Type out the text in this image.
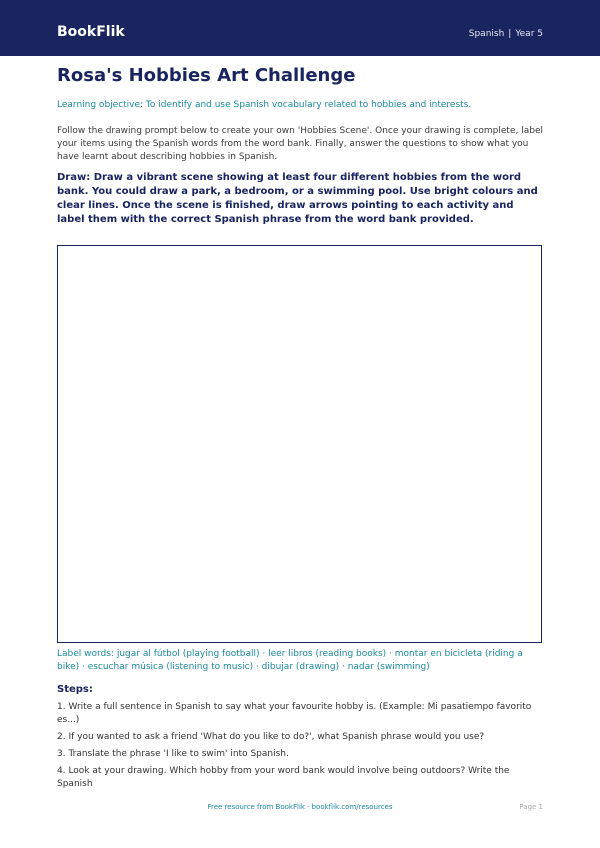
BookFlik	Spanish | Year 5
Rosa's Hobbies Art Challenge
Learning objective: To identify and use Spanish vocabulary related to hobbies and interests.
Follow the drawing prompt below to create your own 'Hobbies Scene'. Once your drawing is complete, label your items using the Spanish words from the word bank. Finally, answer the questions to show what you have learnt about describing hobbies in Spanish.
Draw: Draw a vibrant scene showing at least four different hobbies from the word bank. You could draw a park, a bedroom, or a swimming pool. Use bright colours and clear lines. Once the scene is finished, draw arrows pointing to each activity and label them with the correct Spanish phrase from the word bank provided.
Label words: jugar al fútbol (playing football) · leer libros (reading books) · montar en bicicleta (riding a bike) · escuchar música (listening to music) · dibujar (drawing) · nadar (swimming)
Steps:
1. Write a full sentence in Spanish to say what your favourite hobby is. (Example: Mi pasatiempo favorito es...)
2. If you wanted to ask a friend 'What do you like to do?', what Spanish phrase would you use?
3. Translate the phrase 'I like to swim' into Spanish.
4. Look at your drawing. Which hobby from your word bank would involve being outdoors? Write the Spanish
Free resource from BookFlik · bookflik.com/resources	Page 1
